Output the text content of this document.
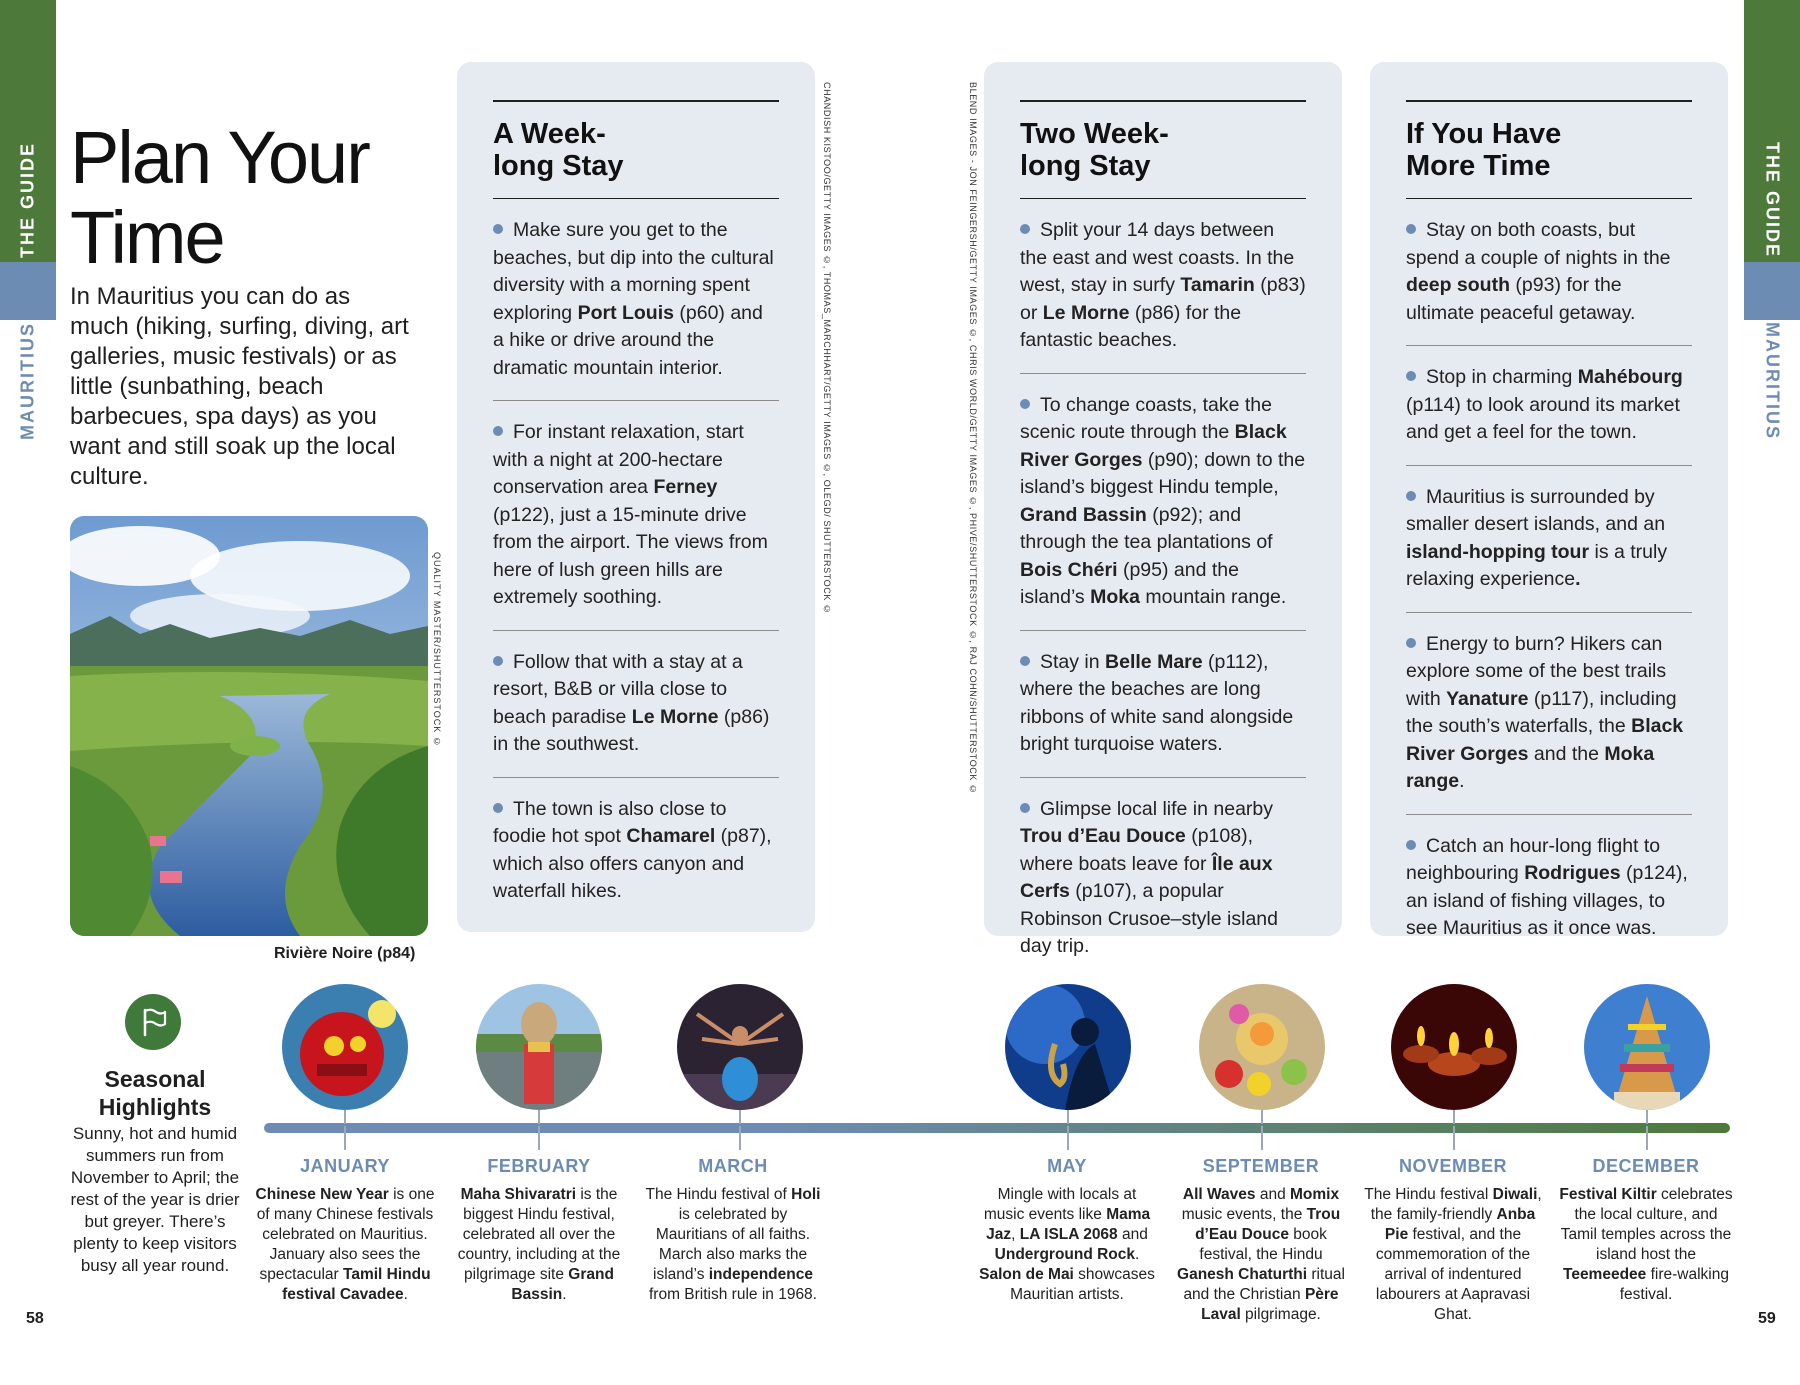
THE GUIDE
MAURITIUS
THE GUIDE
MAURITIUS
58	59
Plan Your Time

In Mauritius you can do as much (hiking, surfing, diving, art galleries, music festivals) or as little (sunbathing, beach barbecues, spa days) as you want and still soak up the local culture.

QUALITY MASTER/SHUTTERSTOCK ©
Rivière Noire (p84)
CHANDISH KISTOO/GETTY IMAGES ©, THOMAS_MARCHHART/GETTY IMAGES ©, OLEGD/ SHUTTERSTOCK ©	BLEND IMAGES - JON FEINGERSH/GETTY IMAGES ©, CHRIS WORLD/GETTY IMAGES ©, PHIVE/SHUTTERSTOCK ©, RAJ COHN/SHUTTERSTOCK ©
A Week-
long Stay
Make sure you get to the beaches, but dip into the cultural diversity with a morning spent exploring Port Louis (p60) and a hike or drive around the dramatic mountain interior.
For instant relaxation, start with a night at 200-hectare conservation area Ferney (p122), just a 15-minute drive from the airport. The views from here of lush green hills are extremely soothing.
Follow that with a stay at a resort, B&B or villa close to beach paradise Le Morne (p86) in the southwest.
The town is also close to foodie hot spot Chamarel (p87), which also offers canyon and waterfall hikes.
Two Week-
long Stay
Split your 14 days between the east and west coasts. In the west, stay in surfy Tamarin (p83) or Le Morne (p86) for the fantastic beaches.
To change coasts, take the scenic route through the Black River Gorges (p90); down to the island’s biggest Hindu temple, Grand Bassin (p92); and through the tea plantations of Bois Chéri (p95) and the island’s Moka mountain range.
Stay in Belle Mare (p112), where the beaches are long ribbons of white sand alongside bright turquoise waters.
Glimpse local life in nearby Trou d’Eau Douce (p108), where boats leave for Île aux Cerfs (p107), a popular Robinson Crusoe–style island day trip.
If You Have
More Time
Stay on both coasts, but spend a couple of nights in the deep south (p93) for the ultimate peaceful getaway.
Stop in charming Mahébourg (p114) to look around its market and get a feel for the town.
Mauritius is surrounded by smaller desert islands, and an island-hopping tour is a truly relaxing experience.
Energy to burn? Hikers can explore some of the best trails with Yanature (p117), including the south’s waterfalls, the Black River Gorges and the Moka range.
Catch an hour-long flight to neighbouring Rodrigues (p124), an island of fishing villages, to see Mauritius as it once was.
Seasonal
Highlights

Sunny, hot and humid summers run from November to April; the rest of the year is drier but greyer. There’s plenty to keep visitors busy all year round.

JANUARY
Chinese New Year is one of many Chinese festivals celebrated on Mauritius. January also sees the spectacular Tamil Hindu festival Cavadee.
FEBRUARY
Maha Shivaratri is the biggest Hindu festival, celebrated all over the country, including at the pilgrimage site Grand Bassin.
MARCH
The Hindu festival of Holi is celebrated by Mauritians of all faiths. March also marks the island’s independence from British rule in 1968.
MAY
Mingle with locals at music events like Mama Jaz, LA ISLA 2068 and Underground Rock. Salon de Mai showcases Mauritian artists.
SEPTEMBER
All Waves and Momix music events, the Trou d’Eau Douce book festival, the Hindu Ganesh Chaturthi ritual and the Christian Père Laval pilgrimage.
NOVEMBER
The Hindu festival Diwali, the family-friendly Anba Pie festival, and the commemoration of the arrival of indentured labourers at Aapravasi Ghat.
DECEMBER
Festival Kiltir celebrates the local culture, and Tamil temples across the island host the Teemeedee fire-walking festival.
